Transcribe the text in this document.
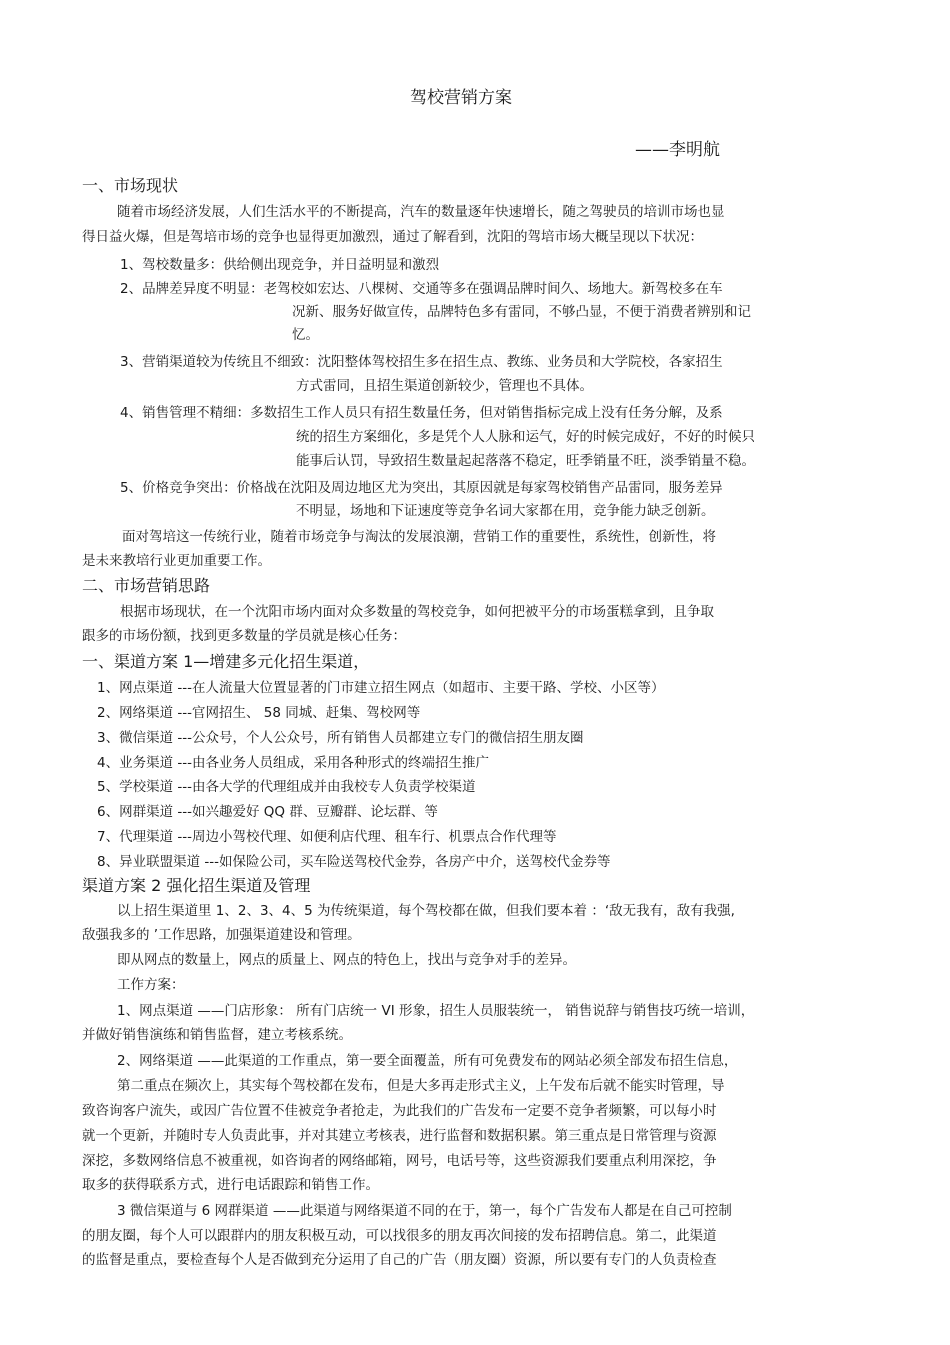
驾校营销方案
——李明航
一、市场现状
随着市场经济发展，人们生活水平的不断提高，汽车的数量逐年快速增长，随之驾驶员的培训市场也显
得日益火爆，但是驾培市场的竞争也显得更加激烈，通过了解看到，沈阳的驾培市场大概呈现以下状况：
1、驾校数量多：供给侧出现竞争，并日益明显和激烈
2、品牌差异度不明显：老驾校如宏达、八棵树、交通等多在强调品牌时间久、场地大。新驾校多在车
况新、服务好做宣传，品牌特色多有雷同，不够凸显，不便于消费者辨别和记
忆。
3、营销渠道较为传统且不细致：沈阳整体驾校招生多在招生点、教练、业务员和大学院校，各家招生
方式雷同，且招生渠道创新较少，管理也不具体。
4、销售管理不精细：多数招生工作人员只有招生数量任务，但对销售指标完成上没有任务分解，及系
统的招生方案细化，多是凭个人人脉和运气，好的时候完成好，不好的时候只
能事后认罚，导致招生数量起起落落不稳定，旺季销量不旺，淡季销量不稳。
5、价格竞争突出：价格战在沈阳及周边地区尤为突出，其原因就是每家驾校销售产品雷同，服务差异
不明显，场地和下证速度等竞争名词大家都在用，竞争能力缺乏创新。
面对驾培这一传统行业，随着市场竞争与淘汰的发展浪潮，营销工作的重要性，系统性，创新性，将
是未来教培行业更加重要工作。
二、市场营销思路
根据市场现状，在一个沈阳市场内面对众多数量的驾校竞争，如何把被平分的市场蛋糕拿到，且争取
跟多的市场份额，找到更多数量的学员就是核心任务：
一、渠道方案 1—增建多元化招生渠道，
1、网点渠道 ---在人流量大位置显著的门市建立招生网点（如超市、主要干路、学校、小区等）
2、网络渠道 ---官网招生、 58 同城、赶集、驾校网等
3、微信渠道 ---公众号，个人公众号，所有销售人员都建立专门的微信招生朋友圈
4、业务渠道 ---由各业务人员组成，采用各种形式的终端招生推广
5、学校渠道 ---由各大学的代理组成并由我校专人负责学校渠道
6、网群渠道 ---如兴趣爱好 QQ 群、豆瓣群、论坛群、等
7、代理渠道 ---周边小驾校代理、如便利店代理、租车行、机票点合作代理等
8、异业联盟渠道 ---如保险公司，买车险送驾校代金券，各房产中介，送驾校代金券等
渠道方案 2 强化招生渠道及管理
以上招生渠道里 1、2、3、4、5 为传统渠道，每个驾校都在做，但我们要本着 ：‘敌无我有，敌有我强,
敌强我多的 ’工作思路，加强渠道建设和管理。
即从网点的数量上，网点的质量上、网点的特色上，找出与竞争对手的差异。
工作方案：
1、网点渠道 ——门店形象： 所有门店统一 VI 形象，招生人员服装统一， 销售说辞与销售技巧统一培训，
并做好销售演练和销售监督，建立考核系统。
2、网络渠道 ——此渠道的工作重点，第一要全面覆盖，所有可免费发布的网站必须全部发布招生信息，
第二重点在频次上，其实每个驾校都在发布，但是大多再走形式主义，上午发布后就不能实时管理，导
致咨询客户流失，或因广告位置不佳被竞争者抢走，为此我们的广告发布一定要不竞争者频繁，可以每小时
就一个更新，并随时专人负责此事，并对其建立考核表，进行监督和数据积累。第三重点是日常管理与资源
深挖，多数网络信息不被重视，如咨询者的网络邮箱，网号，电话号等，这些资源我们要重点利用深挖，争
取多的获得联系方式，进行电话跟踪和销售工作。
3 微信渠道与 6 网群渠道 ——此渠道与网络渠道不同的在于，第一，每个广告发布人都是在自己可控制
的朋友圈，每个人可以跟群内的朋友积极互动，可以找很多的朋友再次间接的发布招聘信息。第二，此渠道
的监督是重点，要检查每个人是否做到充分运用了自己的广告（朋友圈）资源，所以要有专门的人负责检查
